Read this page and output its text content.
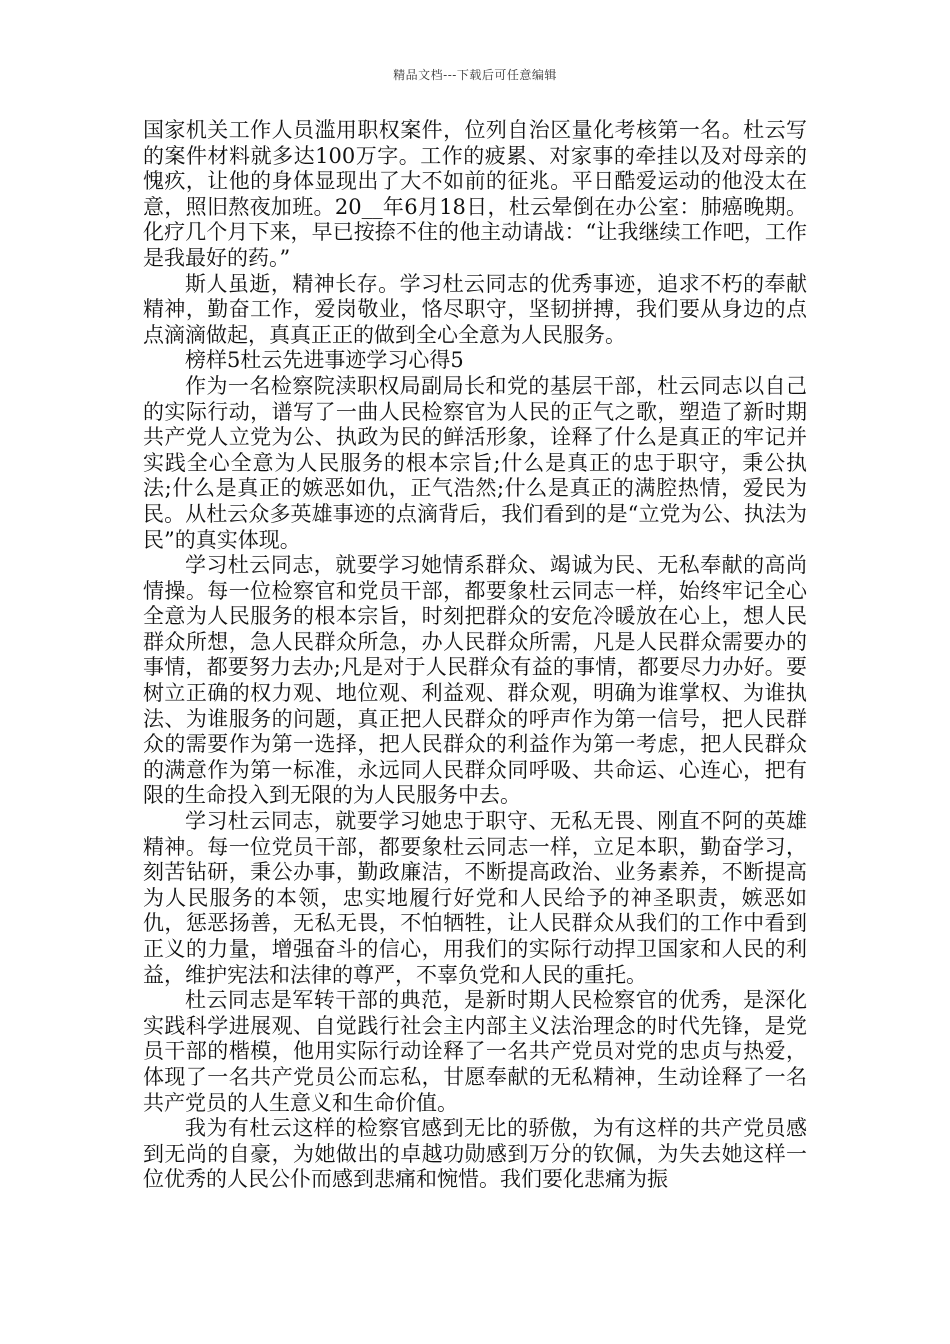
精品文档---下载后可任意编辑

国家机关工作人员滥用职权案件，位列自治区量化考核第一名。杜云写的案件材料就多达100万字。工作的疲累、对家事的牵挂以及对母亲的愧疚，让他的身体显现出了大不如前的征兆。平日酷爱运动的他没太在意，照旧熬夜加班。20__年6月18日，杜云晕倒在办公室：肺癌晚期。化疗几个月下来，早已按捺不住的他主动请战：“让我继续工作吧，工作是我最好的药。”

斯人虽逝，精神长存。学习杜云同志的优秀事迹，追求不朽的奉献精神，勤奋工作，爱岗敬业，恪尽职守，坚韧拼搏，我们要从身边的点点滴滴做起，真真正正的做到全心全意为人民服务。

榜样5杜云先进事迹学习心得5

作为一名检察院渎职权局副局长和党的基层干部，杜云同志以自己的实际行动，谱写了一曲人民检察官为人民的正气之歌，塑造了新时期共产党人立党为公、执政为民的鲜活形象，诠释了什么是真正的牢记并实践全心全意为人民服务的根本宗旨;什么是真正的忠于职守，秉公执法;什么是真正的嫉恶如仇，正气浩然;什么是真正的满腔热情，爱民为民。从杜云众多英雄事迹的点滴背后，我们看到的是“立党为公、执法为民”的真实体现。

学习杜云同志，就要学习她情系群众、竭诚为民、无私奉献的高尚情操。每一位检察官和党员干部，都要象杜云同志一样，始终牢记全心全意为人民服务的根本宗旨，时刻把群众的安危冷暖放在心上，想人民群众所想，急人民群众所急，办人民群众所需，凡是人民群众需要办的事情，都要努力去办;凡是对于人民群众有益的事情，都要尽力办好。要树立正确的权力观、地位观、利益观、群众观，明确为谁掌权、为谁执法、为谁服务的问题，真正把人民群众的呼声作为第一信号，把人民群众的需要作为第一选择，把人民群众的利益作为第一考虑，把人民群众的满意作为第一标准，永远同人民群众同呼吸、共命运、心连心，把有限的生命投入到无限的为人民服务中去。

学习杜云同志，就要学习她忠于职守、无私无畏、刚直不阿的英雄精神。每一位党员干部，都要象杜云同志一样，立足本职，勤奋学习，刻苦钻研，秉公办事，勤政廉洁，不断提高政治、业务素养，不断提高为人民服务的本领，忠实地履行好党和人民给予的神圣职责，嫉恶如仇，惩恶扬善，无私无畏，不怕牺牲，让人民群众从我们的工作中看到正义的力量，增强奋斗的信心，用我们的实际行动捍卫国家和人民的利益，维护宪法和法律的尊严，不辜负党和人民的重托。

杜云同志是军转干部的典范，是新时期人民检察官的优秀，是深化实践科学进展观、自觉践行社会主内部主义法治理念的时代先锋，是党员干部的楷模，他用实际行动诠释了一名共产党员对党的忠贞与热爱，体现了一名共产党员公而忘私，甘愿奉献的无私精神，生动诠释了一名共产党员的人生意义和生命价值。

我为有杜云这样的检察官感到无比的骄傲，为有这样的共产党员感到无尚的自豪，为她做出的卓越功勋感到万分的钦佩，为失去她这样一位优秀的人民公仆而感到悲痛和惋惜。我们要化悲痛为振
